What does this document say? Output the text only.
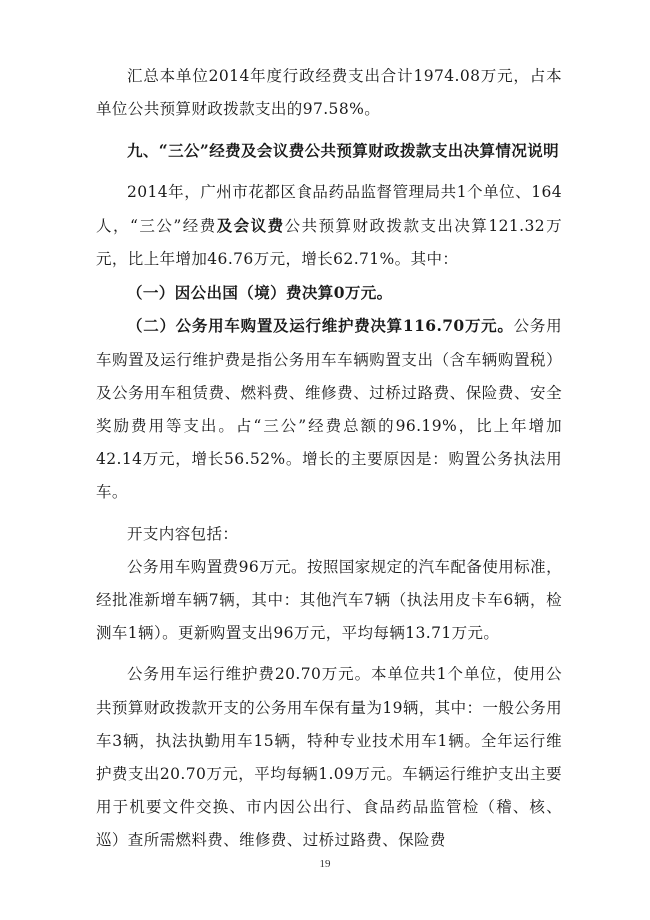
汇总本单位2014年度行政经费支出合计1974.08万元，占本单位公共预算财政拨款支出的97.58%。

九、“三公”经费及会议费公共预算财政拨款支出决算情况说明

2014年，广州市花都区食品药品监督管理局共1个单位、164人，“三公”经费及会议费公共预算财政拨款支出决算121.32万元，比上年增加46.76万元，增长62.71%。其中：

（一）因公出国（境）费决算0万元。

（二）公务用车购置及运行维护费决算116.70万元。公务用车购置及运行维护费是指公务用车车辆购置支出（含车辆购置税）及公务用车租赁费、燃料费、维修费、过桥过路费、保险费、安全奖励费用等支出。占“三公”经费总额的96.19%，比上年增加42.14万元，增长56.52%。增长的主要原因是：购置公务执法用车。

开支内容包括：

公务用车购置费96万元。按照国家规定的汽车配备使用标准，经批准新增车辆7辆，其中：其他汽车7辆（执法用皮卡车6辆，检测车1辆）。更新购置支出96万元，平均每辆13.71万元。

公务用车运行维护费20.70万元。本单位共1个单位，使用公共预算财政拨款开支的公务用车保有量为19辆，其中：一般公务用车3辆，执法执勤用车15辆，特种专业技术用车1辆。全年运行维护费支出20.70万元，平均每辆1.09万元。车辆运行维护支出主要用于机要文件交换、市内因公出行、食品药品监管检（稽、核、巡）查所需燃料费、维修费、过桥过路费、保险费

19
